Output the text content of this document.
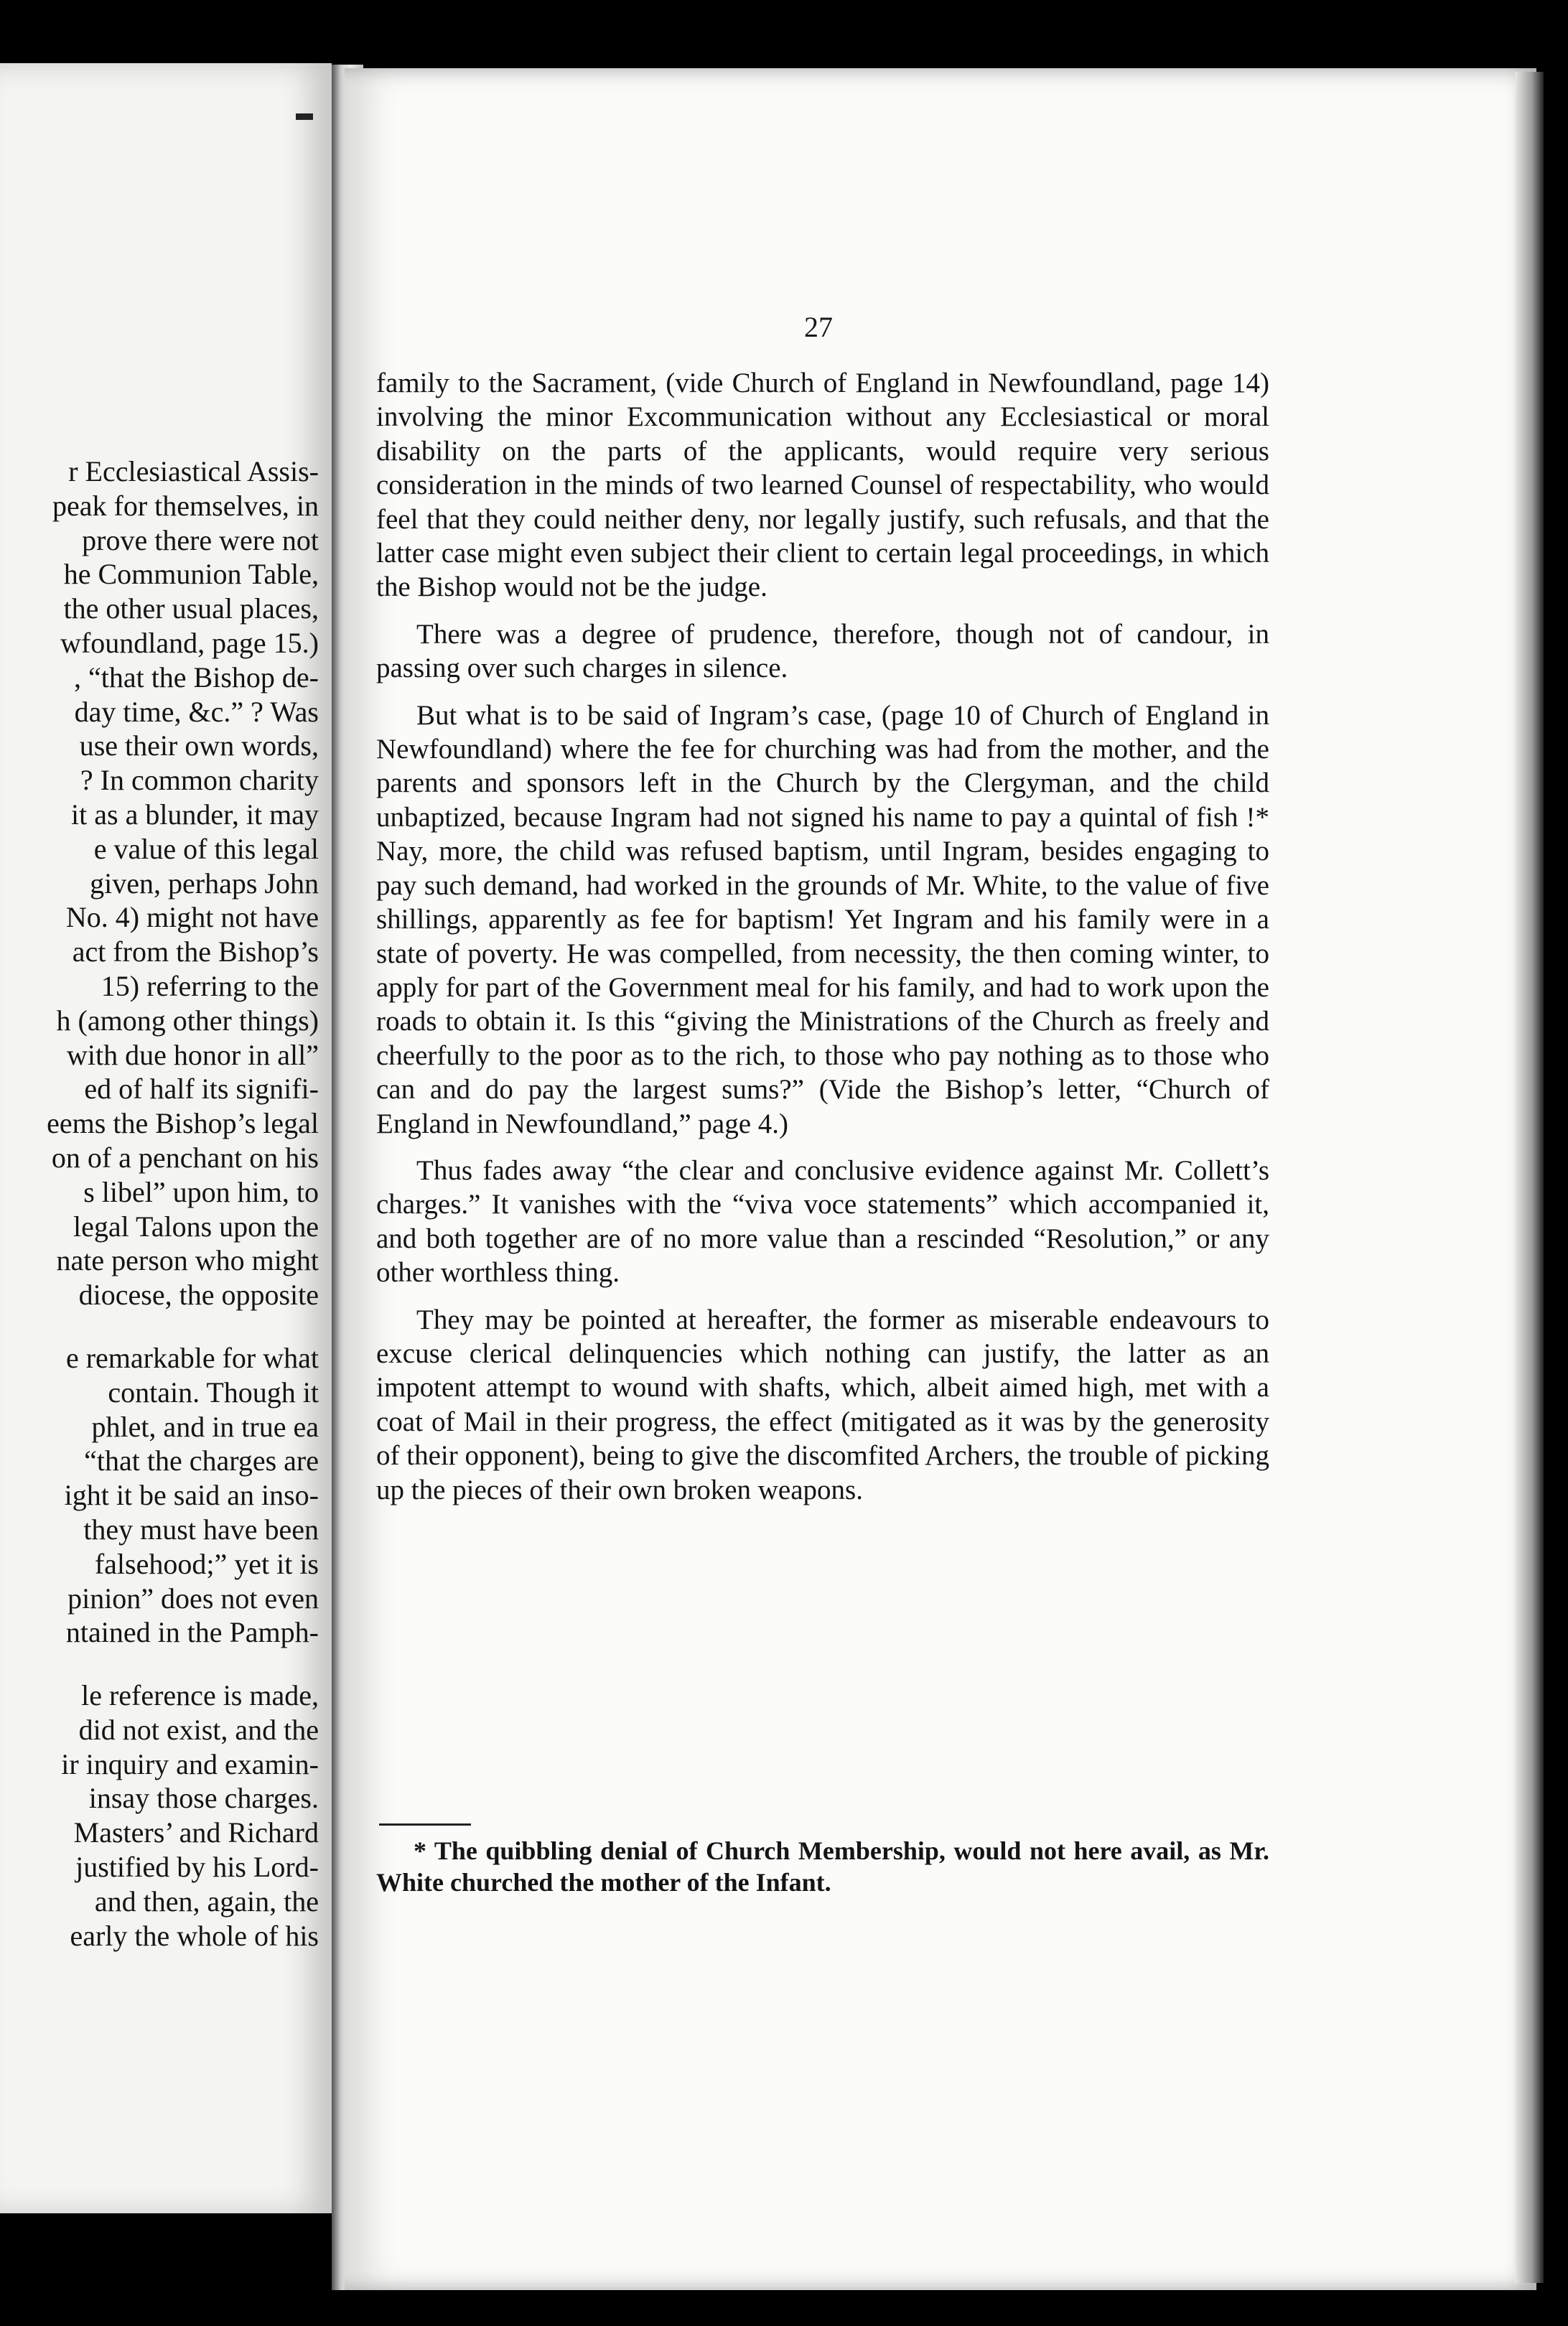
r Ecclesiastical Assis-
peak for themselves, in
prove there were not
he Communion Table,
the other usual places,
wfoundland, page 15.)
, “that the Bishop de-
day time, &c.” ? Was
use their own words,
? In common charity
it as a blunder, it may
e value of this legal
given, perhaps John
No. 4) might not have
act from the Bishop’s
15) referring to the
h (among other things)
with due honor in all”
ed of half its signifi-
eems the Bishop’s legal
on of a penchant on his
s libel” upon him, to
legal Talons upon the
nate person who might
diocese, the opposite
e remarkable for what
contain. Though it
phlet, and in true ea
“that the charges are
ight it be said an inso-
they must have been
falsehood;” yet it is
pinion” does not even
ntained in the Pamph-
le reference is made,
did not exist, and the
ir inquiry and examin-
insay those charges.
Masters’ and Richard
justified by his Lord-
and then, again, the
early the whole of his
27

family to the Sacrament, (vide Church of England in Newfoundland, page 14) involving the minor Excommunication without any Ecclesiastical or moral disability on the parts of the applicants, would require very serious consideration in the minds of two learned Counsel of respectability, who would feel that they could neither deny, nor legally justify, such refusals, and that the latter case might even subject their client to certain legal proceedings, in which the Bishop would not be the judge.

There was a degree of prudence, therefore, though not of candour, in passing over such charges in silence.

But what is to be said of Ingram’s case, (page 10 of Church of England in Newfoundland) where the fee for churching was had from the mother, and the parents and sponsors left in the Church by the Clergyman, and the child unbaptized, because Ingram had not signed his name to pay a quintal of fish !* Nay, more, the child was refused baptism, until Ingram, besides engaging to pay such demand, had worked in the grounds of Mr. White, to the value of five shillings, apparently as fee for baptism! Yet Ingram and his family were in a state of poverty. He was compelled, from necessity, the then coming winter, to apply for part of the Government meal for his family, and had to work upon the roads to obtain it. Is this “giving the Ministrations of the Church as freely and cheerfully to the poor as to the rich, to those who pay nothing as to those who can and do pay the largest sums?” (Vide the Bishop’s letter, “Church of England in Newfoundland,” page 4.)

Thus fades away “the clear and conclusive evidence against Mr. Collett’s charges.” It vanishes with the “viva voce statements” which accompanied it, and both together are of no more value than a rescinded “Resolution,” or any other worthless thing.

They may be pointed at hereafter, the former as miserable endeavours to excuse clerical delinquencies which nothing can justify, the latter as an impotent attempt to wound with shafts, which, albeit aimed high, met with a coat of Mail in their progress, the effect (mitigated as it was by the generosity of their opponent), being to give the discomfited Archers, the trouble of picking up the pieces of their own broken weapons.

* The quibbling denial of Church Membership, would not here avail, as Mr. White churched the mother of the Infant.
